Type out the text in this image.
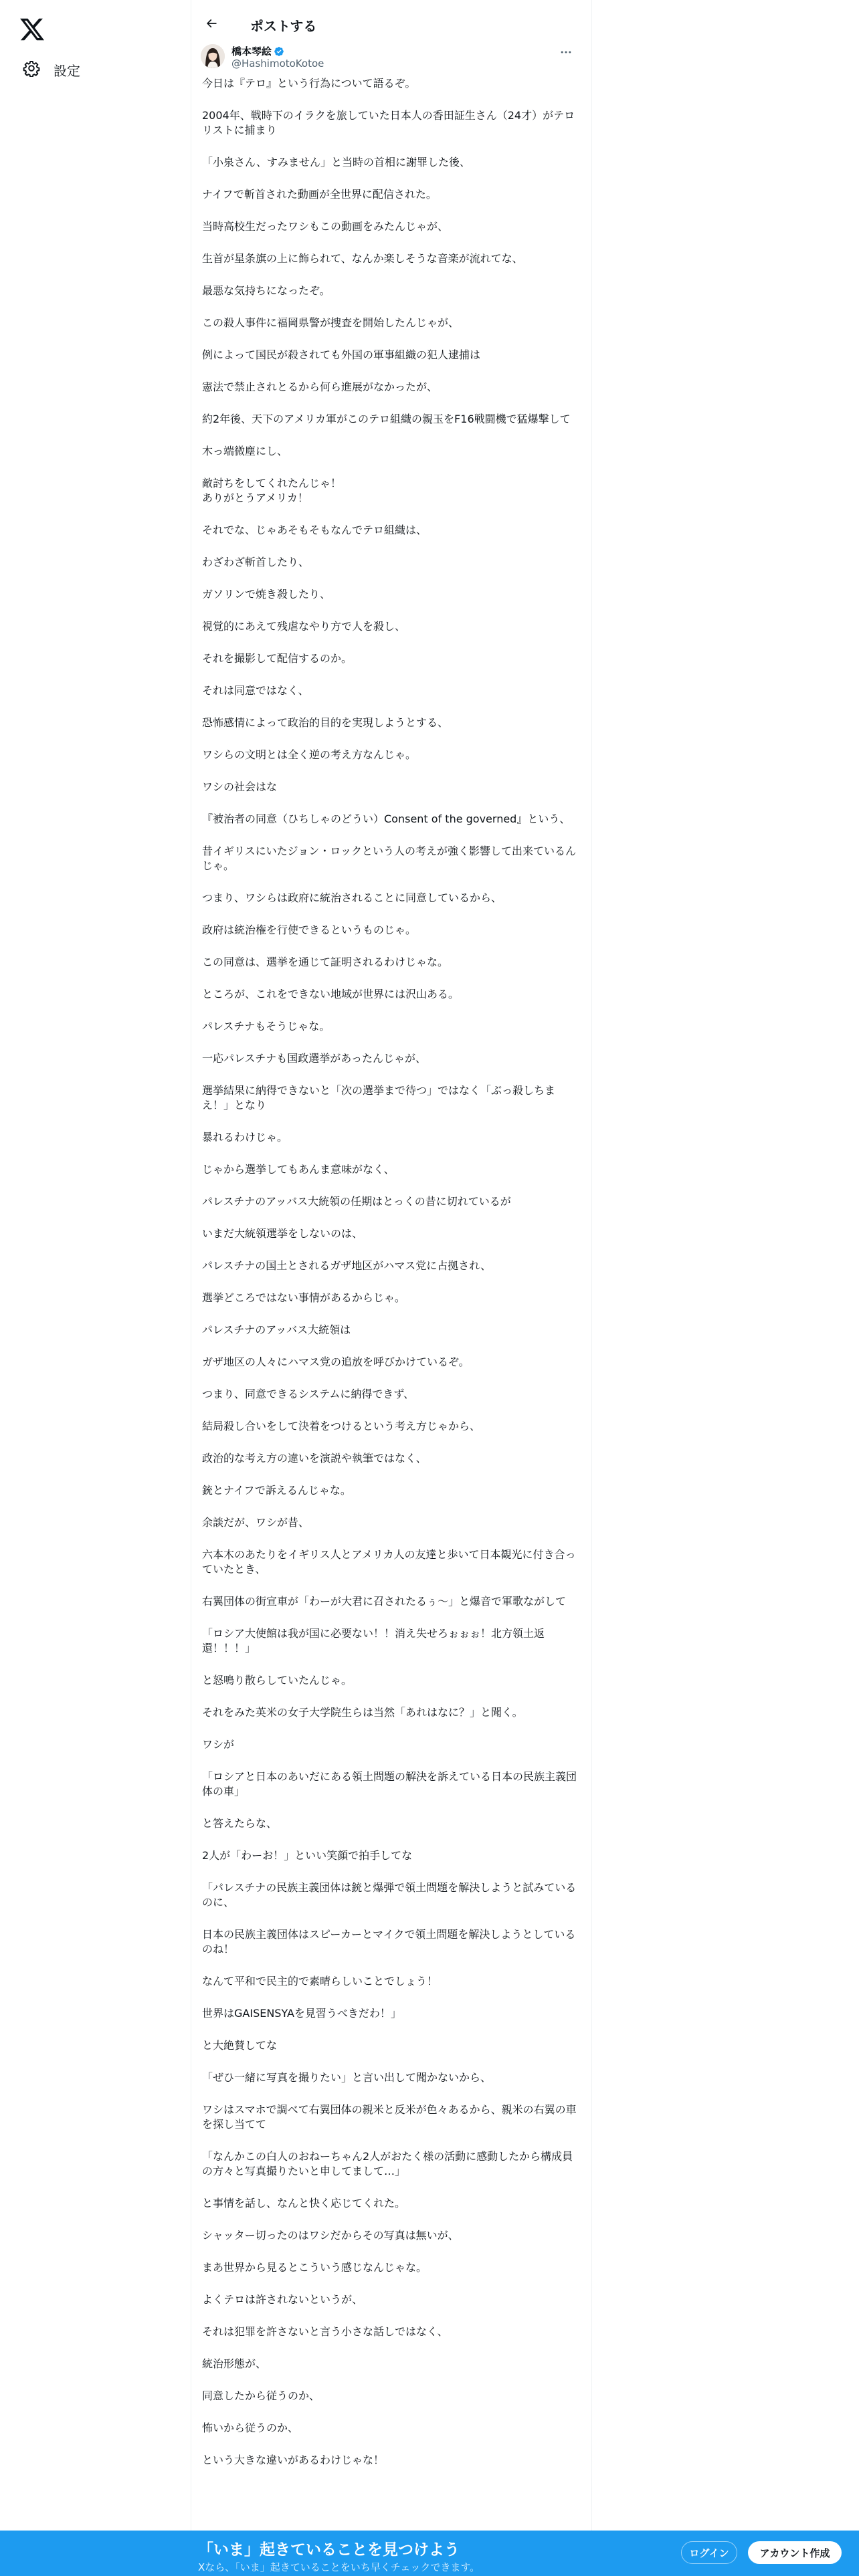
設定
ポストする
橋本琴絵
@HashimotoKotoe

今日は『テロ』という行為について語るぞ。

2004年、戦時下のイラクを旅していた日本人の香田証生さん（24才）がテロリストに捕まり

「小泉さん、すみません」と当時の首相に謝罪した後、

ナイフで斬首された動画が全世界に配信された。

当時高校生だったワシもこの動画をみたんじゃが、

生首が星条旗の上に飾られて、なんか楽しそうな音楽が流れてな、

最悪な気持ちになったぞ。

この殺人事件に福岡県警が捜査を開始したんじゃが、

例によって国民が殺されても外国の軍事組織の犯人逮捕は

憲法で禁止されとるから何ら進展がなかったが、

約2年後、天下のアメリカ軍がこのテロ組織の親玉をF16戦闘機で猛爆撃して

木っ端微塵にし、

敵討ちをしてくれたんじゃ！
ありがとうアメリカ！

それでな、じゃあそもそもなんでテロ組織は、

わざわざ斬首したり、

ガソリンで焼き殺したり、

視覚的にあえて残虐なやり方で人を殺し、

それを撮影して配信するのか。

それは同意ではなく、

恐怖感情によって政治的目的を実現しようとする、

ワシらの文明とは全く逆の考え方なんじゃ。

ワシの社会はな

『被治者の同意（ひちしゃのどうい）Consent of the governed』という、

昔イギリスにいたジョン・ロックという人の考えが強く影響して出来ているんじゃ。

つまり、ワシらは政府に統治されることに同意しているから、

政府は統治権を行使できるというものじゃ。

この同意は、選挙を通じて証明されるわけじゃな。

ところが、これをできない地域が世界には沢山ある。

パレスチナもそうじゃな。

一応パレスチナも国政選挙があったんじゃが、

選挙結果に納得できないと「次の選挙まで待つ」ではなく「ぶっ殺しちまえ！」となり

暴れるわけじゃ。

じゃから選挙してもあんま意味がなく、

パレスチナのアッバス大統領の任期はとっくの昔に切れているが

いまだ大統領選挙をしないのは、

パレスチナの国土とされるガザ地区がハマス党に占拠され、

選挙どころではない事情があるからじゃ。

パレスチナのアッバス大統領は

ガザ地区の人々にハマス党の追放を呼びかけているぞ。

つまり、同意できるシステムに納得できず、

結局殺し合いをして決着をつけるという考え方じゃから、

政治的な考え方の違いを演説や執筆ではなく、

銃とナイフで訴えるんじゃな。

余談だが、ワシが昔、

六本木のあたりをイギリス人とアメリカ人の友達と歩いて日本観光に付き合っていたとき、

右翼団体の街宣車が「わーが大君に召されたるぅ〜」と爆音で軍歌ながして

「ロシア大使館は我が国に必要ない！！消え失せろぉぉぉ！北方領土返還！！！」

と怒鳴り散らしていたんじゃ。

それをみた英米の女子大学院生らは当然「あれはなに？」と聞く。

ワシが

「ロシアと日本のあいだにある領土問題の解決を訴えている日本の民族主義団体の車」

と答えたらな、

2人が「わーお！」といい笑顔で拍手してな

「パレスチナの民族主義団体は銃と爆弾で領土問題を解決しようと試みているのに、

日本の民族主義団体はスピーカーとマイクで領土問題を解決しようとしているのね！

なんて平和で民主的で素晴らしいことでしょう！

世界はGAISENSYAを見習うべきだわ！」

と大絶賛してな

「ぜひ一緒に写真を撮りたい」と言い出して聞かないから、

ワシはスマホで調べて右翼団体の親米と反米が色々あるから、親米の右翼の車を探し当てて

「なんかこの白人のおねーちゃん2人がおたく様の活動に感動したから構成員の方々と写真撮りたいと申してまして…」

と事情を話し、なんと快く応じてくれた。

シャッター切ったのはワシだからその写真は無いが、

まあ世界から見るとこういう感じなんじゃな。

よくテロは許されないというが、

それは犯罪を許さないと言う小さな話しではなく、

統治形態が、

同意したから従うのか、

怖いから従うのか、

という大きな違いがあるわけじゃな！

「いま」起きていることを見つけよう
Xなら、「いま」起きていることをいち早くチェックできます。
ログイン	アカウント作成
